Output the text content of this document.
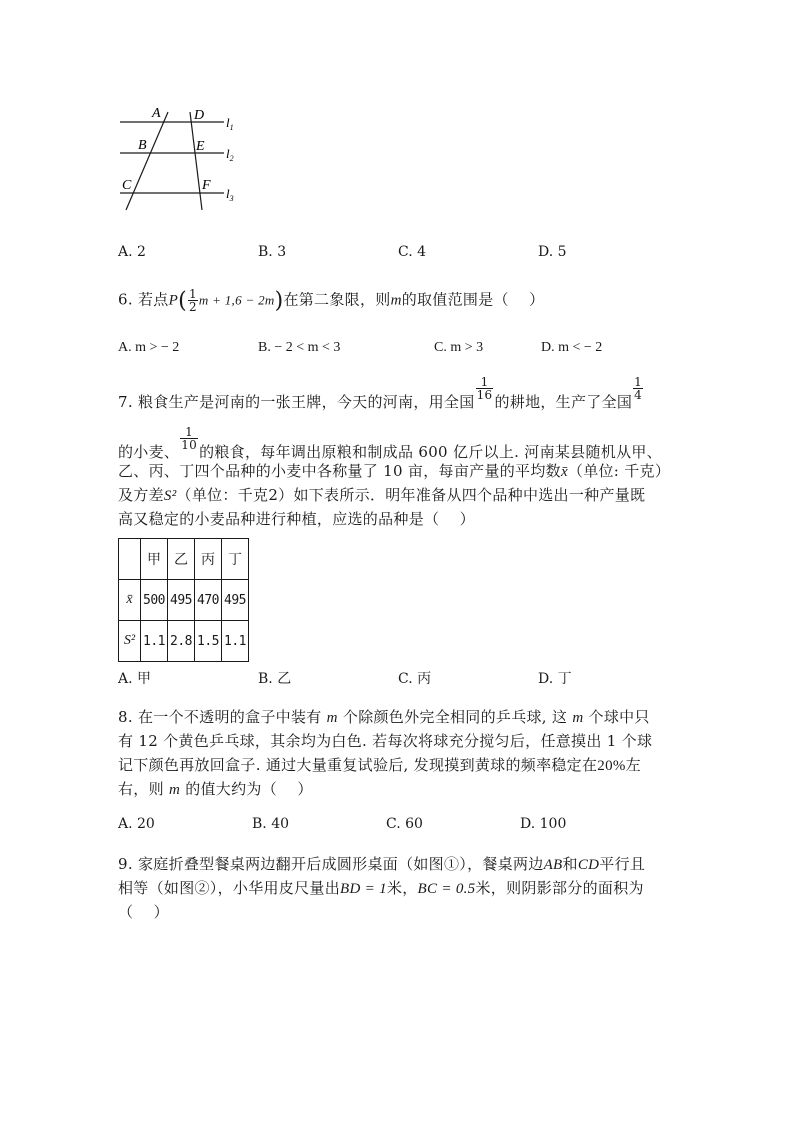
A D
B	E
C	F
$l_1$
$l_2$
$l_3$
A. 2	B. 3	C. 4	D. 5
6. 若点$P( \frac{1}{2}$ m + 1,6 − 2m)在第二象限，则m的取值范围是（　 ）
A. m > − 2	B. − 2 < m < 3	C. m > 3	D. m < − 2
7. 粮食生产是河南的一张王牌，今天的河南，用全国
$\frac{1}{16}$
的耕地，生产了全国
$\frac{1}{4}$
的小麦、
$\frac{1}{10}$
的粮食，每年调出原粮和制成品 600 亿斤以上. 河南某县随机从甲、
乙、丙、丁四个品种的小麦中各称量了 10 亩，每亩产量的平均数x̄（单位: 千克）
及方差S²（单位：千克2）如下表所示．明年准备从四个品种中选出一种产量既
高又稳定的小麦品种进行种植，应选的品种是（　 ）
	甲	乙	丙	丁
x̄	500	495	470	495
S²	1.1	2.8	1.5	1.1
A. 甲	B. 乙	C. 丙	D. 丁
8. 在一个不透明的盒子中装有 m 个除颜色外完全相同的乒乓球, 这 m 个球中只
有 12 个黄色乒乓球，其余均为白色. 若每次将球充分搅匀后，任意摸出 1 个球
记下颜色再放回盒子. 通过大量重复试验后, 发现摸到黄球的频率稳定在20%左
右，则 m 的值大约为（　 ）
A. 20	B. 40	C. 60	D. 100
9. 家庭折叠型餐桌两边翻开后成圆形桌面（如图①），餐桌两边AB和CD平行且
相等（如图②），小华用皮尺量出BD = 1米，BC = 0.5米，则阴影部分的面积为
（　 ）
